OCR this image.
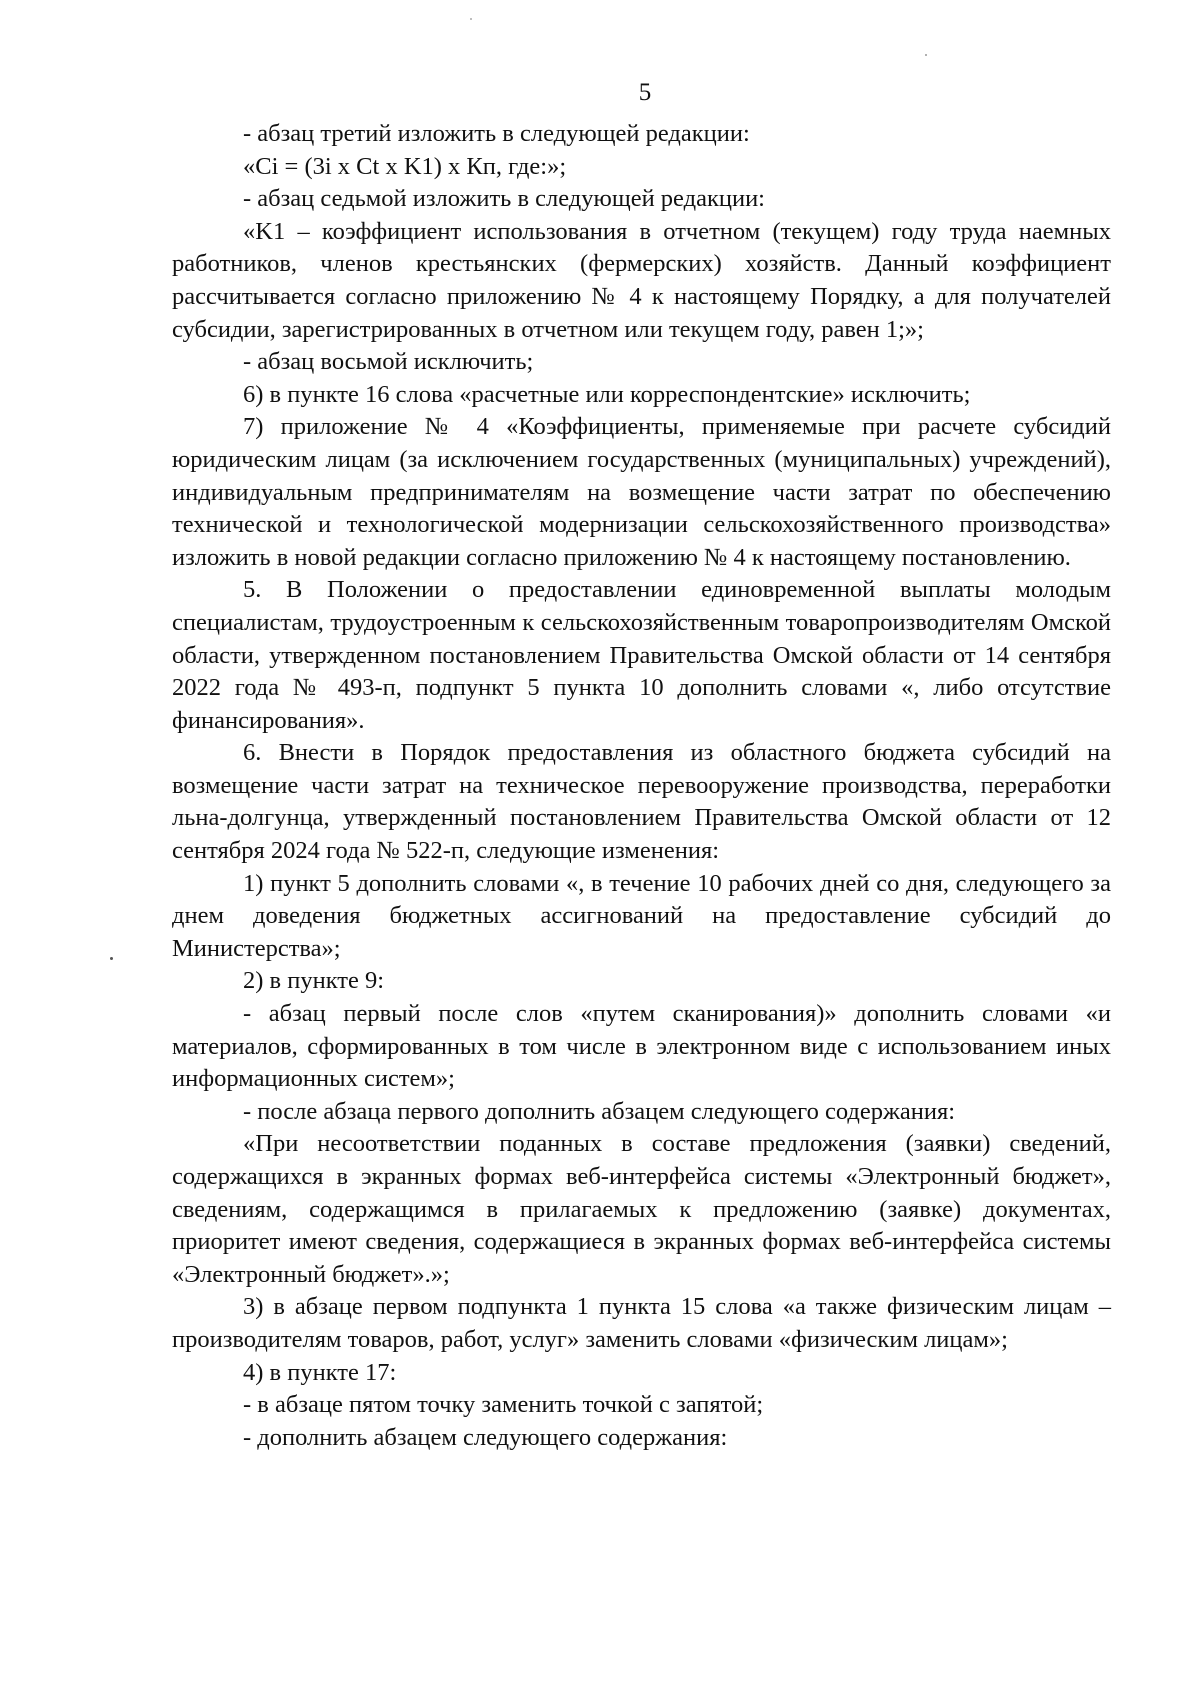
5

- абзац третий изложить в следующей редакции:

«Ci = (3i х Ct х K1) х Кп, где:»;

- абзац седьмой изложить в следующей редакции:

«K1 – коэффициент использования в отчетном (текущем) году труда наемных работников, членов крестьянских (фермерских) хозяйств. Данный коэффициент рассчитывается согласно приложению № 4 к настоящему Порядку, а для получателей субсидии, зарегистрированных в отчетном или текущем году, равен 1;»;

- абзац восьмой исключить;

6) в пункте 16 слова «расчетные или корреспондентские» исключить;

7) приложение № 4 «Коэффициенты, применяемые при расчете субсидий юридическим лицам (за исключением государственных (муниципальных) учреждений), индивидуальным предпринимателям на возмещение части затрат по обеспечению технической и технологической модернизации сельскохозяйственного производства» изложить в новой редакции согласно приложению № 4 к настоящему постановлению.

5. В Положении о предоставлении единовременной выплаты молодым специалистам, трудоустроенным к сельскохозяйственным товаропроизводителям Омской области, утвержденном постановлением Правительства Омской области от 14 сентября 2022 года № 493-п, подпункт 5 пункта 10 дополнить словами «, либо отсутствие финансирования».

6. Внести в Порядок предоставления из областного бюджета субсидий на возмещение части затрат на техническое перевооружение производства, переработки льна-долгунца, утвержденный постановлением Правительства Омской области от 12 сентября 2024 года № 522-п, следующие изменения:

1) пункт 5 дополнить словами «, в течение 10 рабочих дней со дня, следующего за днем доведения бюджетных ассигнований на предоставление субсидий до Министерства»;

2) в пункте 9:

- абзац первый после слов «путем сканирования)» дополнить словами «и материалов, сформированных в том числе в электронном виде с использованием иных информационных систем»;

- после абзаца первого дополнить абзацем следующего содержания:

«При несоответствии поданных в составе предложения (заявки) сведений, содержащихся в экранных формах веб-интерфейса системы «Электронный бюджет», сведениям, содержащимся в прилагаемых к предложению (заявке) документах, приоритет имеют сведения, содержащиеся в экранных формах веб-интерфейса системы «Электронный бюджет».»;

3) в абзаце первом подпункта 1 пункта 15 слова «а также физическим лицам – производителям товаров, работ, услуг» заменить словами «физическим лицам»;

4) в пункте 17:

- в абзаце пятом точку заменить точкой с запятой;

- дополнить абзацем следующего содержания:
